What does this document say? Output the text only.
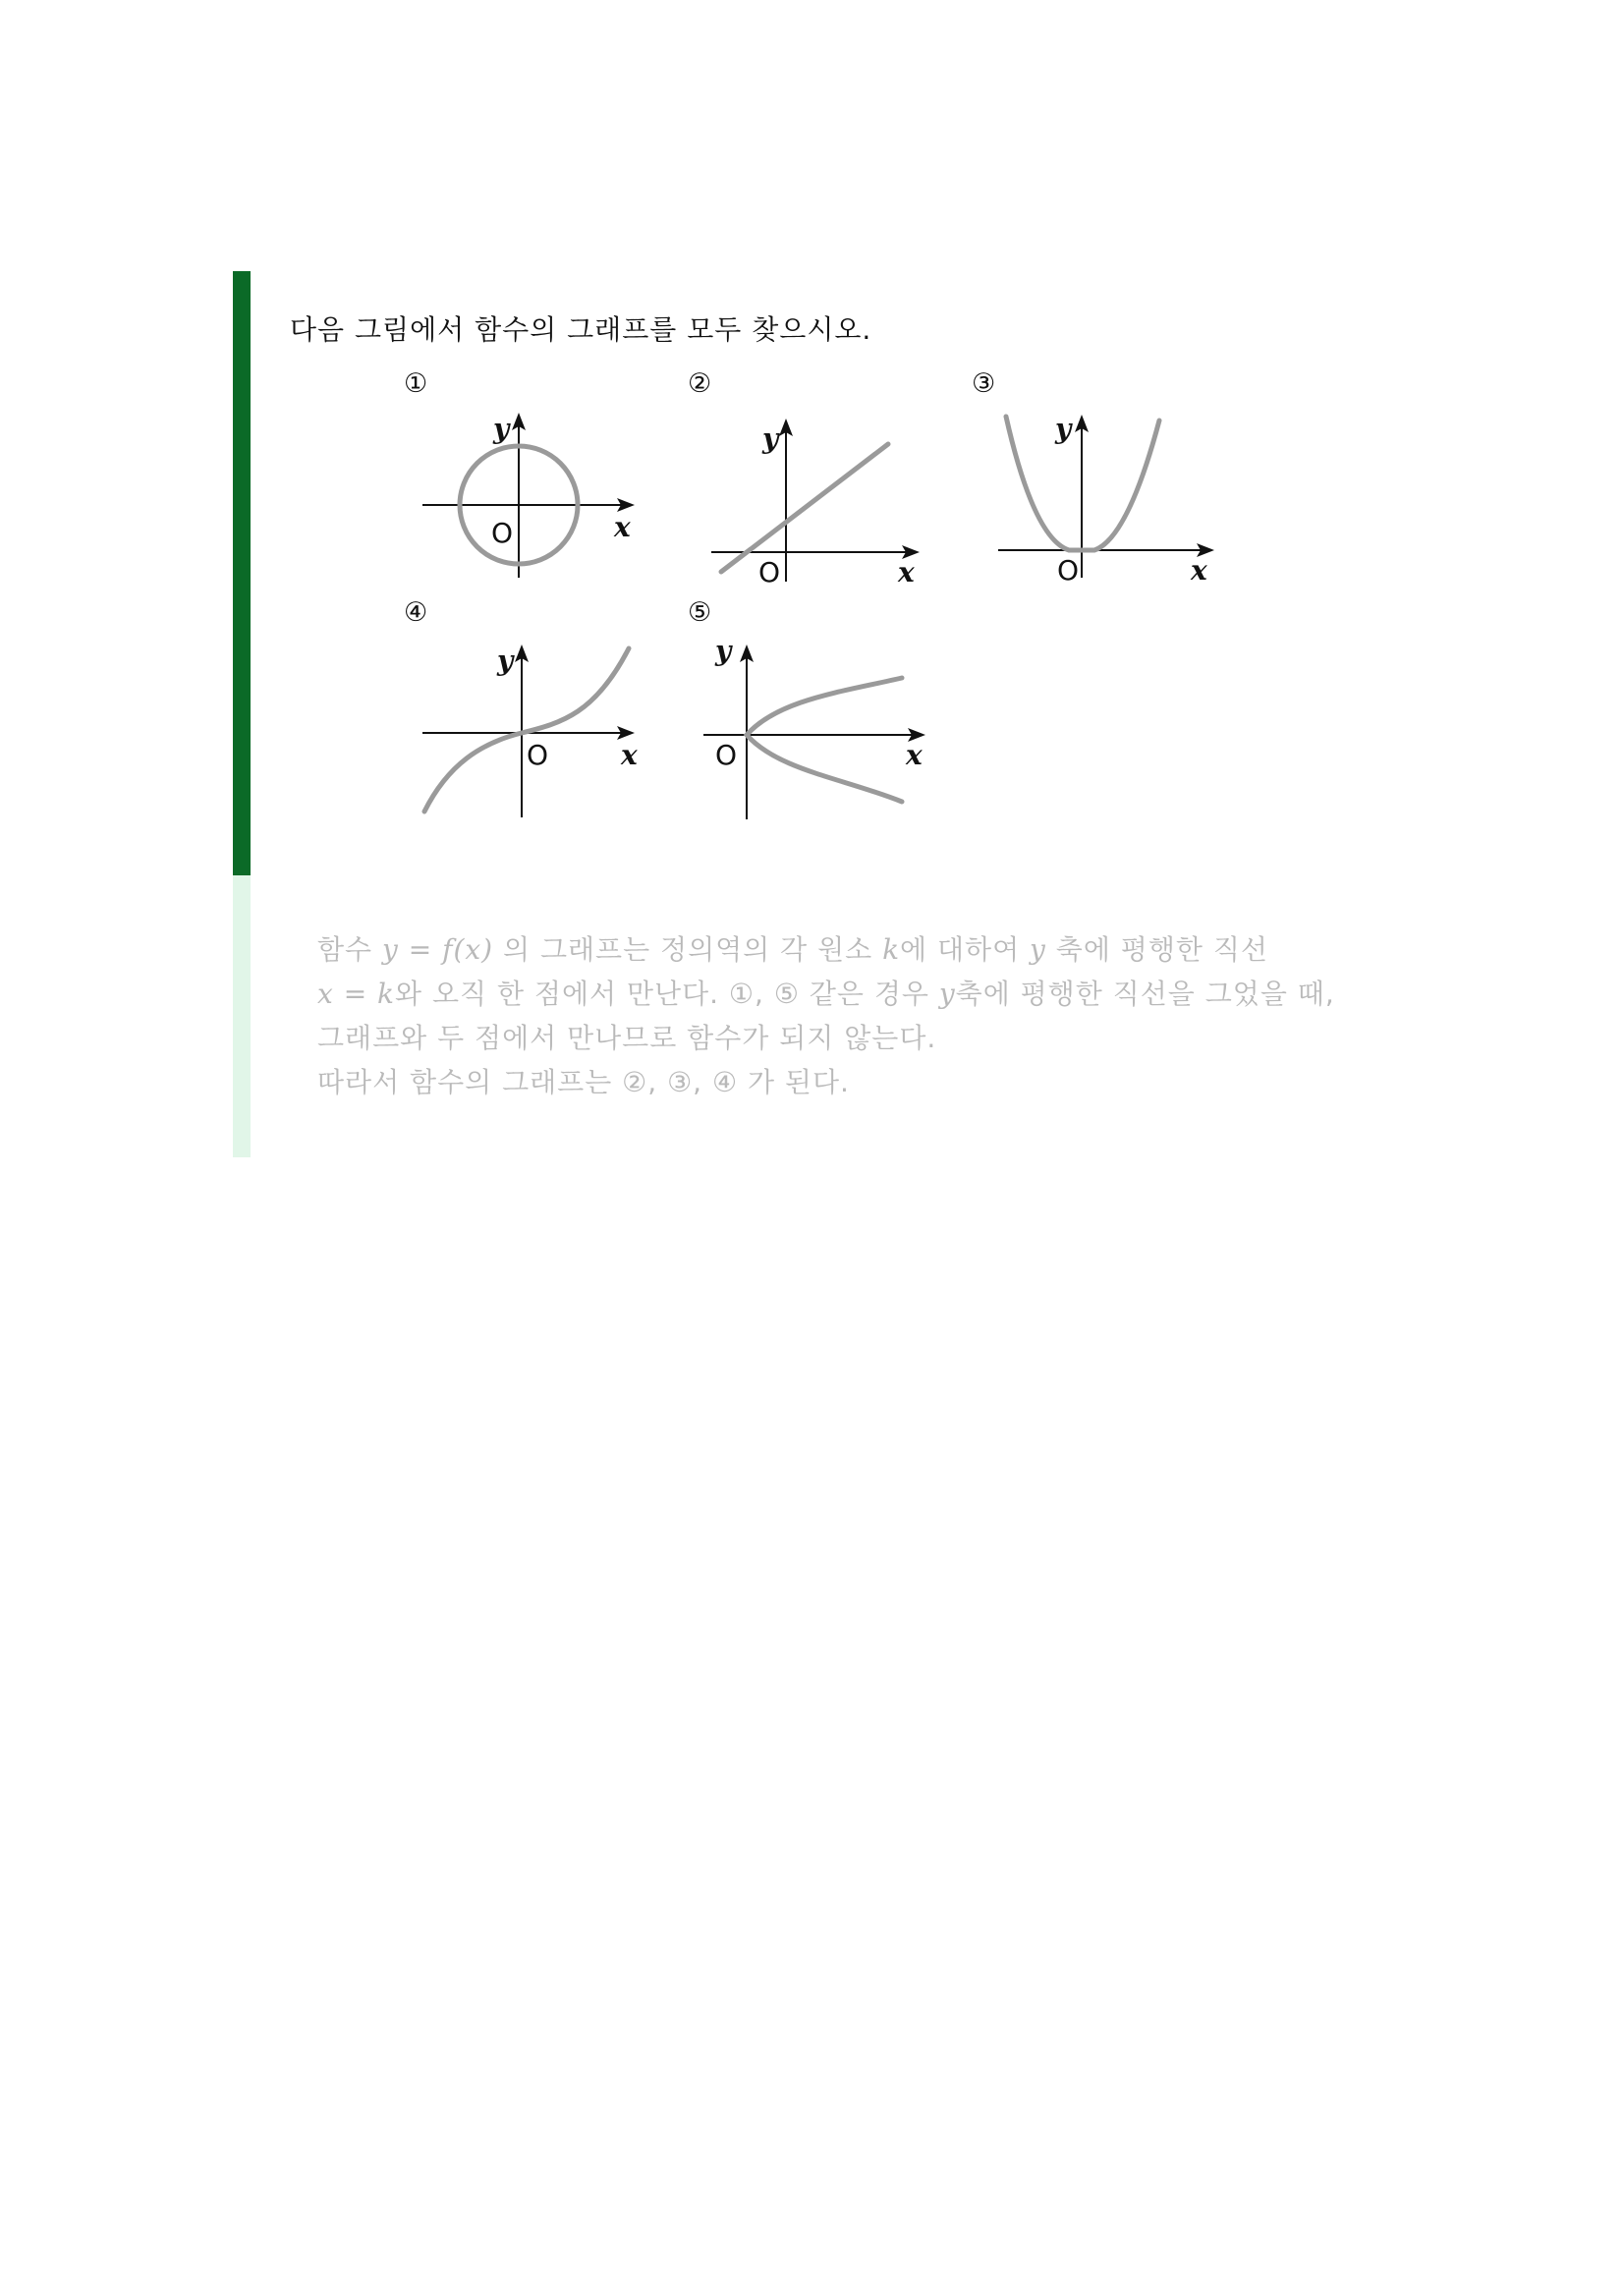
다음 그림에서 함수의 그래프를 모두 찾으시오.
①	②	③
④	⑤
y
x
O
y
x
O
y
x
O
y
x
O
y
x
O
함수 y = f(x) 의 그래프는 정의역의 각 원소 k에 대하여 y 축에 평행한 직선
x = k와 오직 한 점에서 만난다. ①, ⑤ 같은 경우 y축에 평행한 직선을 그었을 때,
그래프와 두 점에서 만나므로 함수가 되지 않는다.
따라서 함수의 그래프는 ②, ③, ④ 가 된다.
